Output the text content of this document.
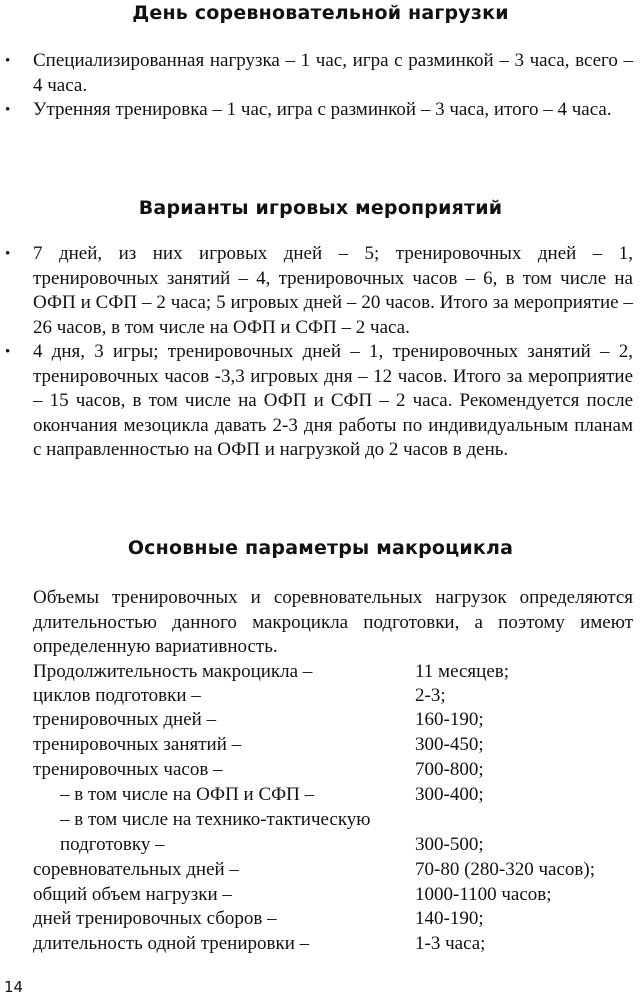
День соревновательной нагрузки
• Специализированная нагрузка – 1 час, игра с разминкой – 3 часа, всего – 4 часа.
• Утренняя тренировка – 1 час, игра с разминкой – 3 часа, итого – 4 часа.
Варианты игровых мероприятий
• 7 дней, из них игровых дней – 5; тренировочных дней – 1, тренировочных занятий – 4, тренировочных часов – 6, в том числе на ОФП и СФП – 2 часа; 5 игровых дней – 20 часов. Итого за мероприятие – 26 часов, в том числе на ОФП и СФП – 2 часа.
• 4 дня, 3 игры; тренировочных дней – 1, тренировочных занятий – 2, тренировочных часов -3,3 игровых дня – 12 часов. Итого за мероприятие – 15 часов, в том числе на ОФП и СФП – 2 часа. Рекомендуется после окончания мезоцикла давать 2-3 дня работы по индивидуальным планам с направленностью на ОФП и нагрузкой до 2 часов в день.
Основные параметры макроцикла
Объемы тренировочных и соревновательных нагрузок определяются длительностью данного макроцикла подготовки, а поэтому имеют определенную вариативность.
Продолжительность макроцикла –	11 месяцев;
циклов подготовки –	2-3;
тренировочных дней –	160-190;
тренировочных занятий –	300-450;
тренировочных часов –	700-800;
– в том числе на ОФП и СФП –	300-400;
– в том числе на технико-тактическую
подготовку –	300-500;
соревновательных дней –	70-80 (280-320 часов);
общий объем нагрузки –	1000-1100 часов;
дней тренировочных сборов –	140-190;
длительность одной тренировки –	1-3 часа;
14
